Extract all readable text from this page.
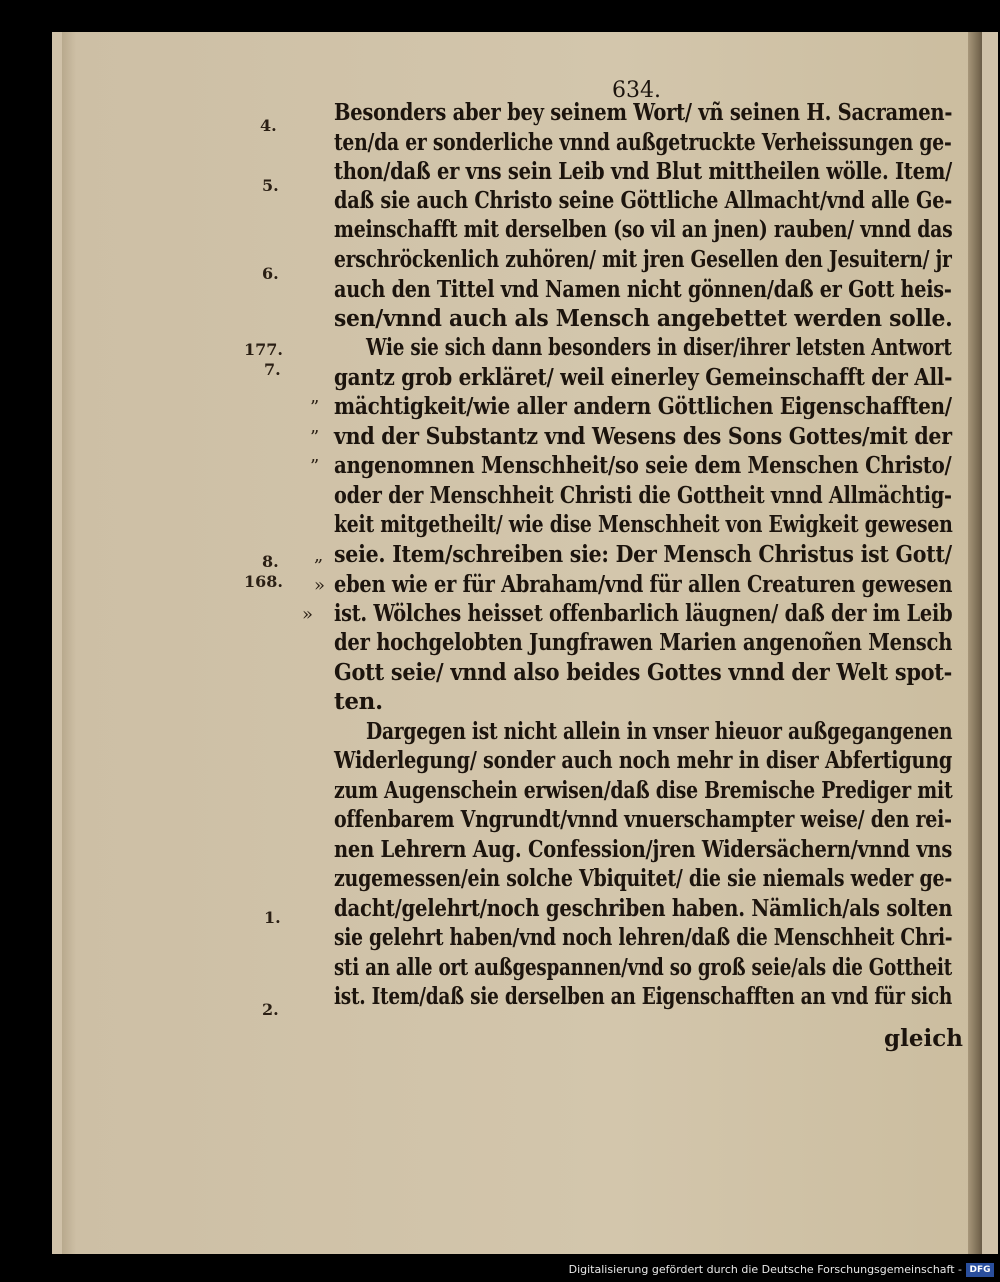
634.
Besonders aber bey seinem Wort/ vñ seinen H. Sacramen-
ten/da er sonderliche vnnd außgetruckte Verheissungen ge-
thon/daß er vns sein Leib vnd Blut mittheilen wölle. Item/
daß sie auch Christo seine Göttliche Allmacht/vnd alle Ge-
meinschafft mit derselben (so vil an jnen) rauben/ vnnd das
erschröckenlich zuhören/ mit jren Gesellen den Jesuitern/ jr
auch den Tittel vnd Namen nicht gönnen/daß er Gott heis-
sen/vnnd auch als Mensch angebettet werden solle.
Wie sie sich dann besonders in diser/ihrer letsten Antwort
gantz grob erkläret/ weil einerley Gemeinschafft der All-
mächtigkeit/wie aller andern Göttlichen Eigenschafften/
vnd der Substantz vnd Wesens des Sons Gottes/mit der
angenomnen Menschheit/so seie dem Menschen Christo/
oder der Menschheit Christi die Gottheit vnnd Allmächtig-
keit mitgetheilt/ wie dise Menschheit von Ewigkeit gewesen
seie. Item/schreiben sie: Der Mensch Christus ist Gott/
eben wie er für Abraham/vnd für allen Creaturen gewesen
ist. Wölches heisset offenbarlich läugnen/ daß der im Leib
der hochgelobten Jungfrawen Marien angenoñen Mensch
Gott seie/ vnnd also beides Gottes vnnd der Welt spot-
ten.
Dargegen ist nicht allein in vnser hieuor außgegangenen
Widerlegung/ sonder auch noch mehr in diser Abfertigung
zum Augenschein erwisen/daß dise Bremische Prediger mit
offenbarem Vngrundt/vnnd vnuerschampter weise/ den rei-
nen Lehrern Aug. Confession/jren Widersächern/vnnd vns
zugemessen/ein solche Vbiquitet/ die sie niemals weder ge-
dacht/gelehrt/noch geschriben haben. Nämlich/als solten
sie gelehrt haben/vnd noch lehren/daß die Menschheit Chri-
sti an alle ort außgespannen/vnd so groß seie/als die Gottheit
ist. Item/daß sie derselben an Eigenschafften an vnd für sich
gleich
4.
5.
6.
177.
7.
8.
168.
1.
2.
”
”
”
„
»
»
Digitalisierung gefördert durch die Deutsche Forschungsgemeinschaft - DFG
